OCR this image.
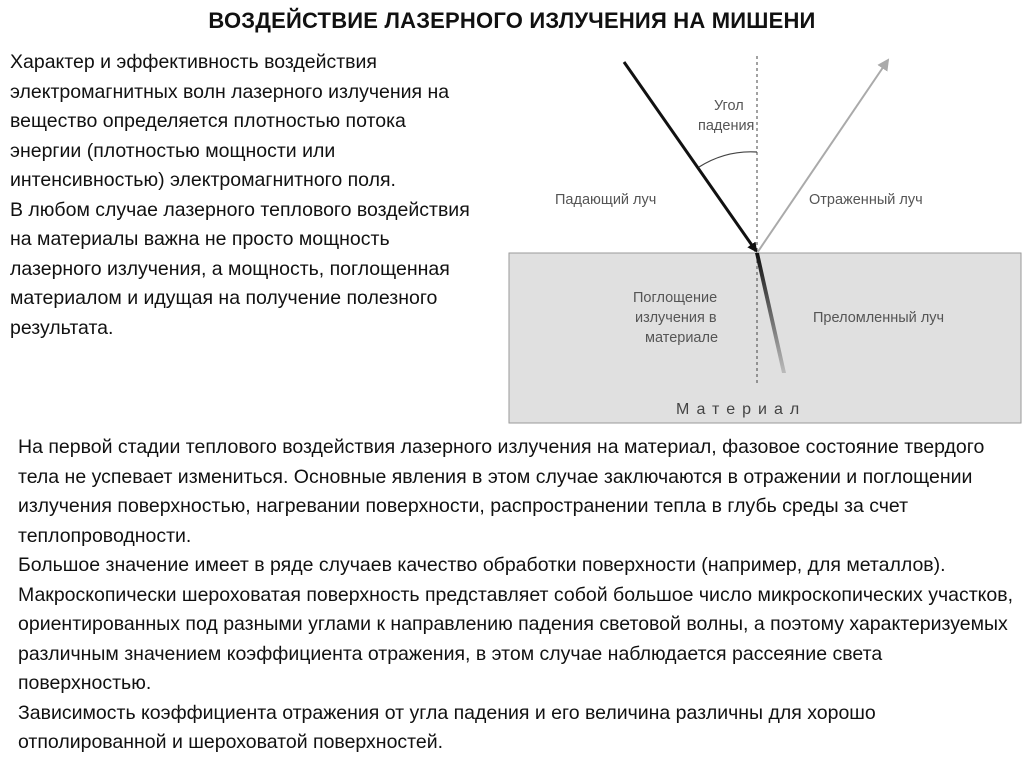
ВОЗДЕЙСТВИЕ ЛАЗЕРНОГО ИЗЛУЧЕНИЯ НА МИШЕНИ

Характер и эффективность воздействия электромагнитных волн лазерного излучения на вещество определяется плотностью потока энергии (плотностью мощности или интенсивностью) электромагнитного поля.

В любом случае лазерного теплового воздействия на материалы важна не просто мощность лазерного излучения, а мощность, поглощенная материалом и идущая на получение полезного результата.

Угол
падения
Падающий луч	Отраженный луч
Поглощение
излучения в
материале
Преломленный луч
Материал

На первой стадии теплового воздействия лазерного излучения на материал, фазовое состояние твердого тела не успевает измениться. Основные явления в этом случае заключаются в отражении и поглощении излучения поверхностью, нагревании поверхности, распространении тепла в глубь среды за счет теплопроводности.

Большое значение имеет в ряде случаев качество обработки поверхности (например, для металлов). Макроскопически шероховатая поверхность представляет собой большое число микроскопических участков, ориентированных под разными углами к направлению падения световой волны, а поэтому характеризуемых различным значением коэффициента отражения, в этом случае наблюдается рассеяние света поверхностью.

Зависимость коэффициента отражения от угла падения и его величина различны для хорошо отполированной и шероховатой поверхностей.
